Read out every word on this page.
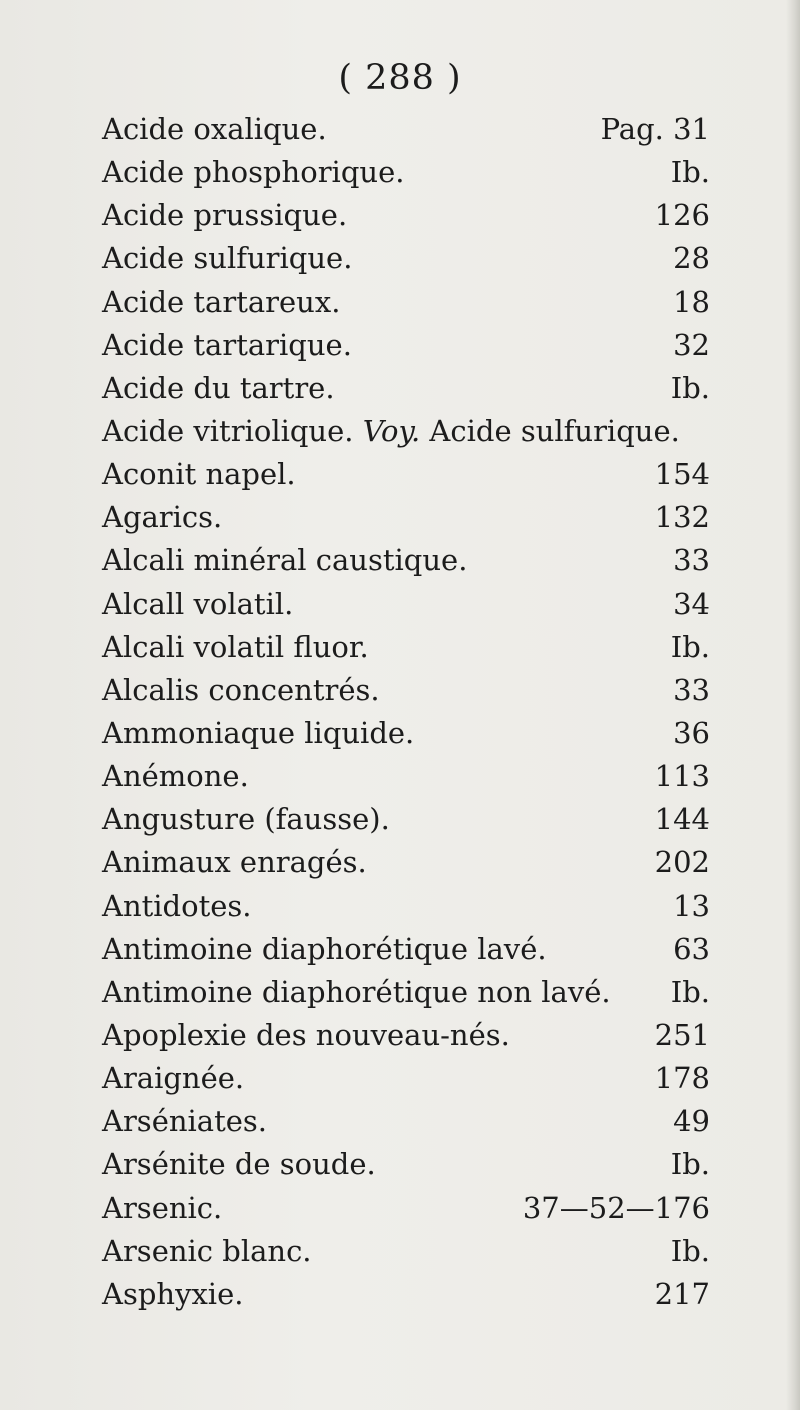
( 288 )
Acide oxalique.	Pag. 31
Acide phosphorique.	Ib.
Acide prussique.	126
Acide sulfurique.	28
Acide tartareux.	18
Acide tartarique.	32
Acide du tartre.	Ib.
Acide vitriolique. Voy. Acide sulfurique.
Aconit napel.	154
Agarics.	132
Alcali minéral caustique.	33
Alcall volatil.	34
Alcali volatil fluor.	Ib.
Alcalis concentrés.	33
Ammoniaque liquide.	36
Anémone.	113
Angusture (fausse).	144
Animaux enragés.	202
Antidotes.	13
Antimoine diaphorétique lavé.	63
Antimoine diaphorétique non lavé. Ib.
Apoplexie des nouveau-nés.	251
Araignée.	178
Arséniates.	49
Arsénite de soude.	Ib.
Arsenic.	37—52—176
Arsenic blanc.	Ib.
Asphyxie.	217
